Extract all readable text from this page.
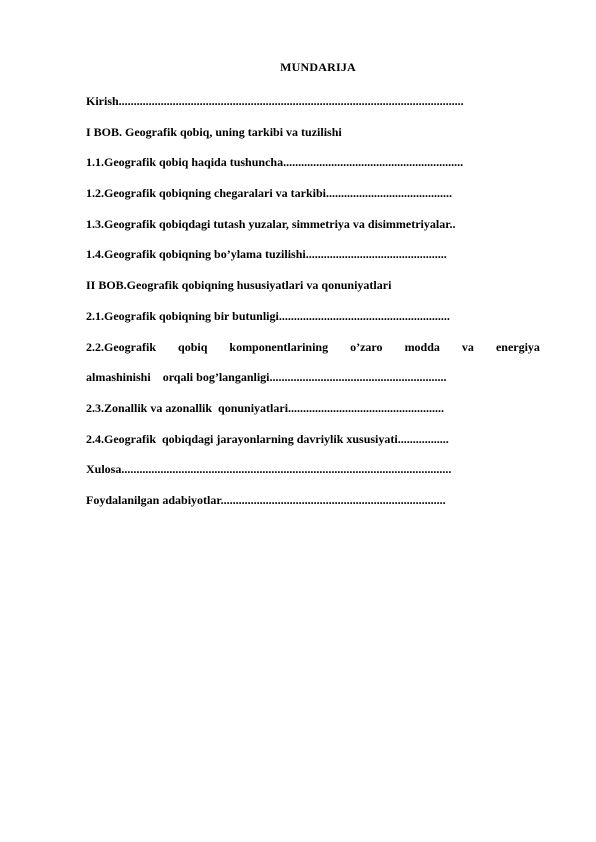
MUNDARIJA
Kirish...................................................................................................................
I BOB. Geografik qobiq, uning tarkibi va tuzilishi
1.1.Geografik qobiq haqida tushuncha............................................................
1.2.Geografik qobiqning chegaralari va tarkibi..........................................
1.3.Geografik qobiqdagi tutash yuzalar, simmetriya va disimmetriyalar..
1.4.Geografik qobiqning bo’ylama tuzilishi...............................................
II BOB.Geografik qobiqning hususiyatlari va qonuniyatlari
2.1.Geografik qobiqning bir butunligi.........................................................
2.2.Geografik qobiq komponentlarining o’zaro modda va energiya
almashinishi    orqali bog’langanligi...........................................................
2.3.Zonallik va azonallik  qonuniyatlari....................................................
2.4.Geografik  qobiqdagi jarayonlarning davriylik xususiyati.................
Xulosa..............................................................................................................
Foydalanilgan adabiyotlar...........................................................................
